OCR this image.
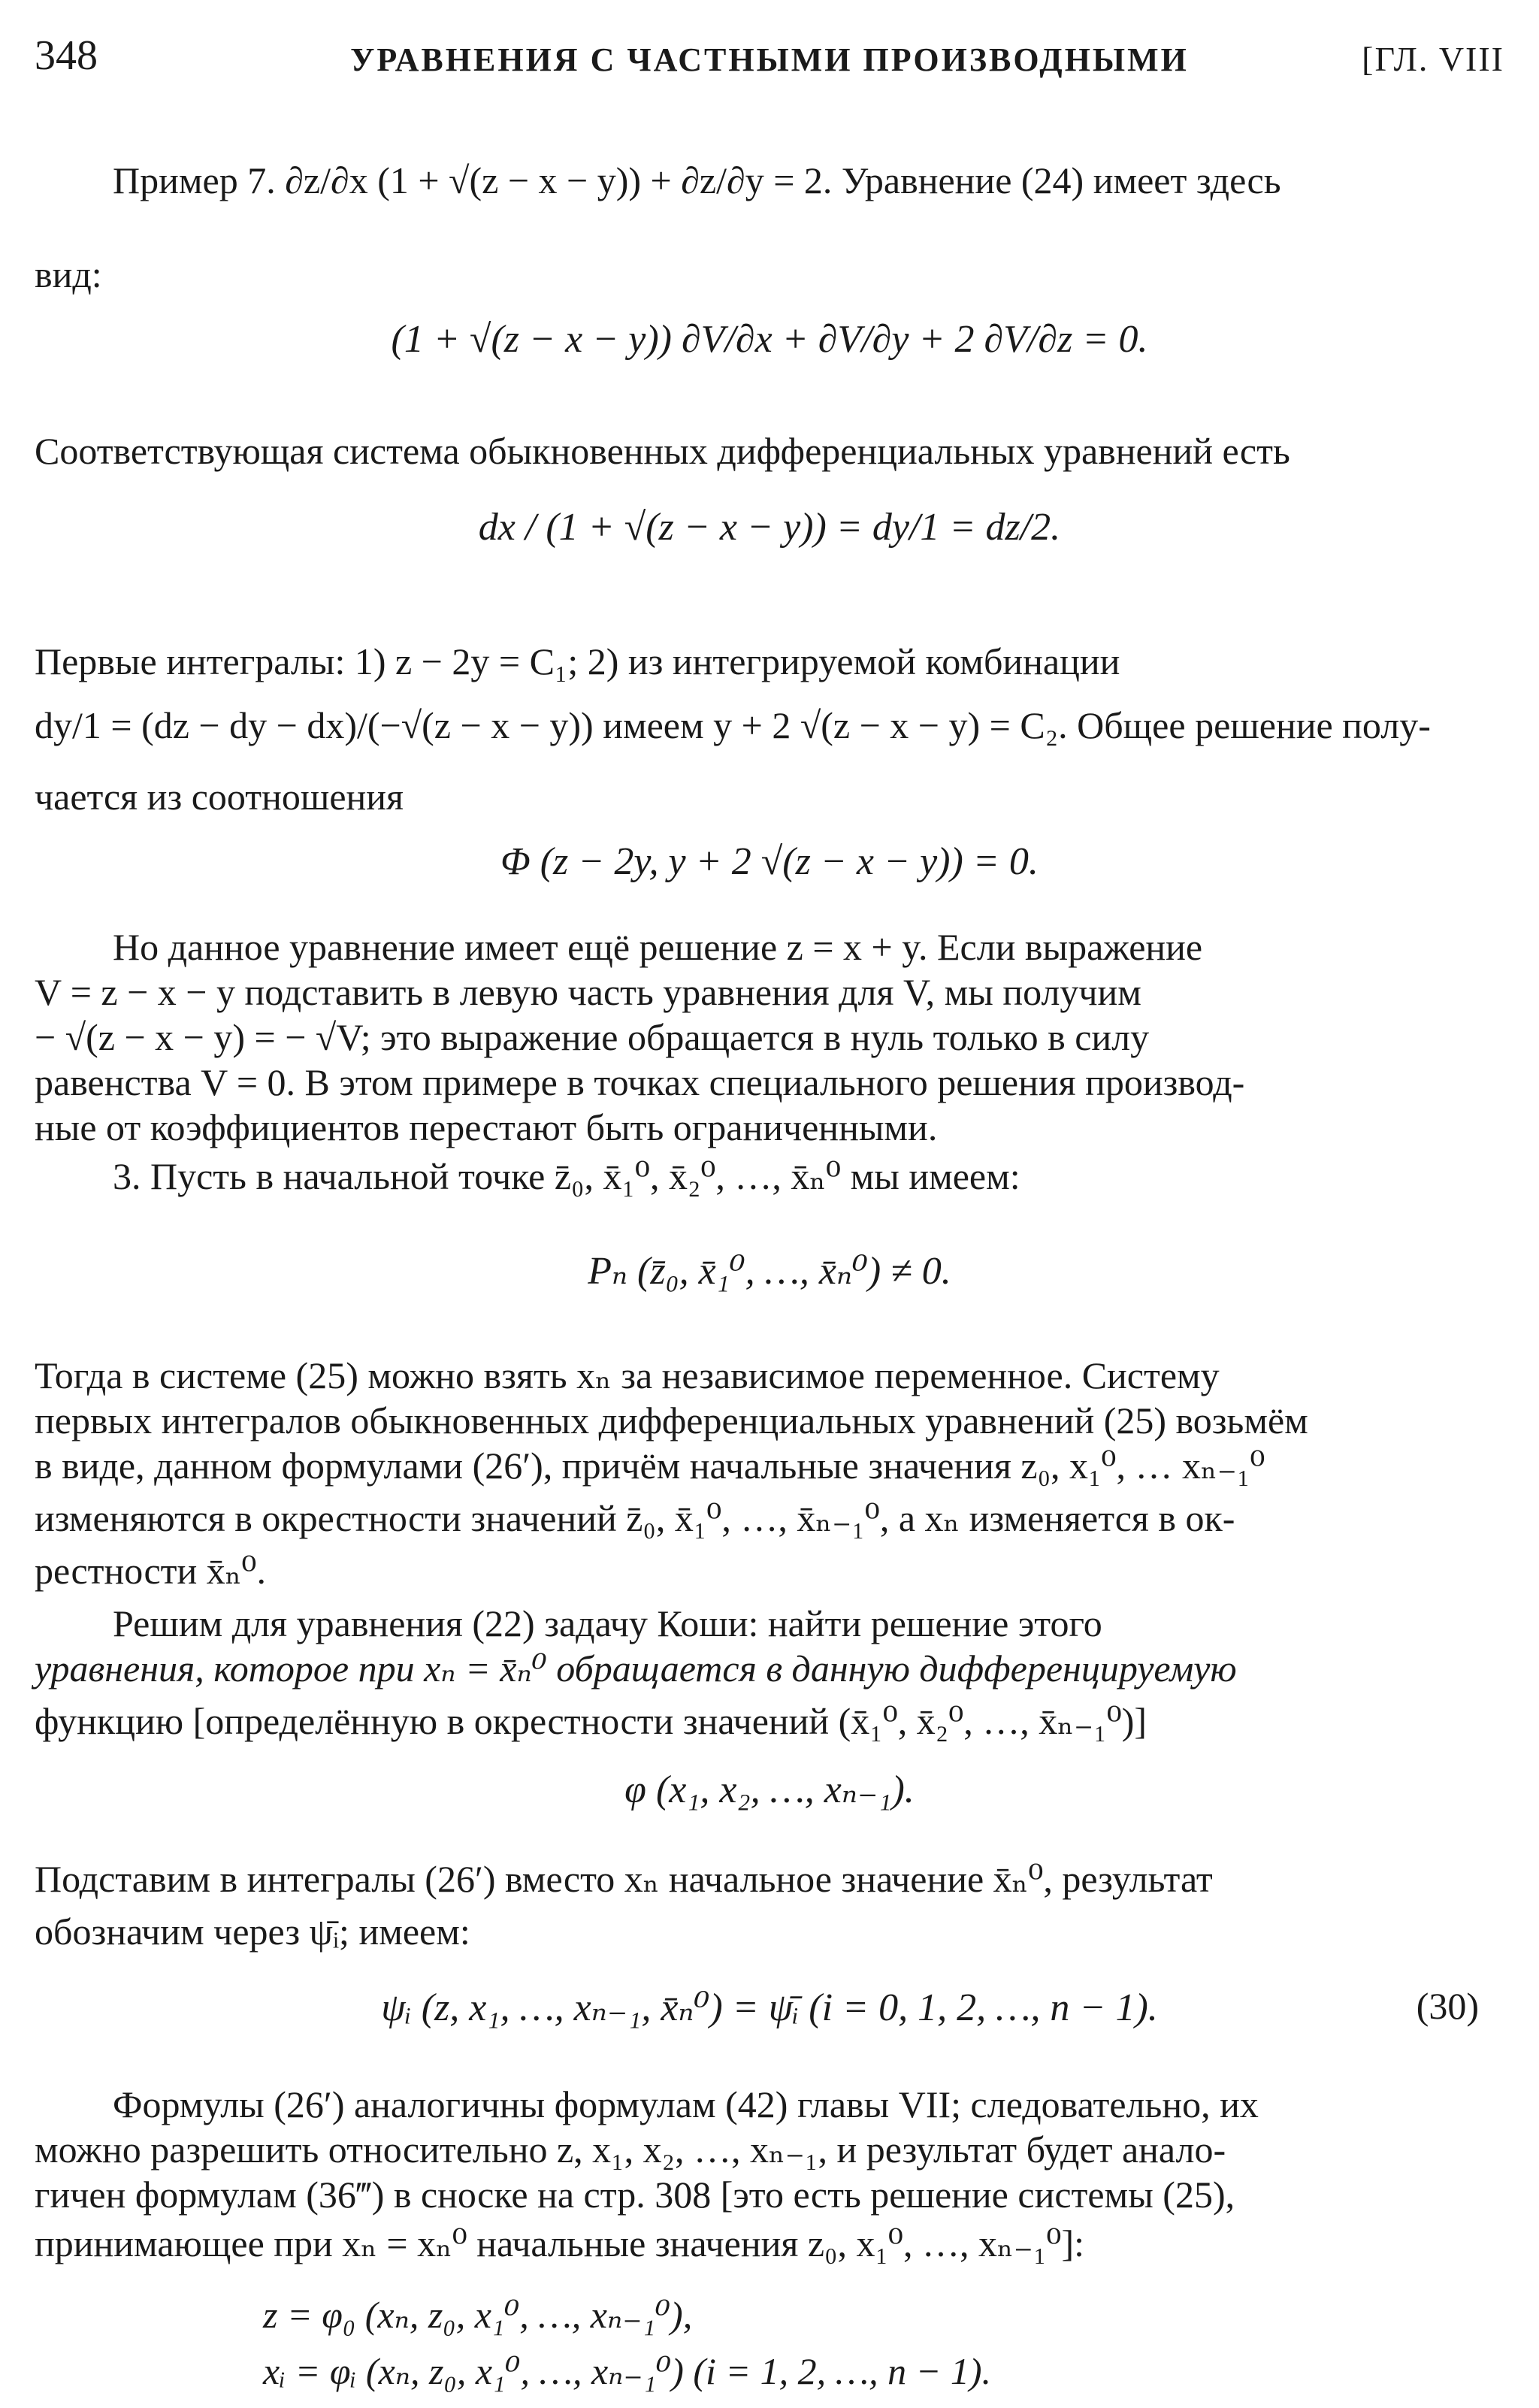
348	УРАВНЕНИЯ С ЧАСТНЫМИ ПРОИЗВОДНЫМИ	[ГЛ. VIII
Пример 7. ∂z/∂x (1 + √(z − x − y)) + ∂z/∂y = 2. Уравнение (24) имеет здесь
вид:
(1 + √(z − x − y)) ∂V/∂x + ∂V/∂y + 2 ∂V/∂z = 0.
Соответствующая система обыкновенных дифференциальных уравнений есть
dx / (1 + √(z − x − y)) = dy/1 = dz/2.
Первые интегралы: 1) z − 2y = C₁; 2) из интегрируемой комбинации
dy/1 = (dz − dy − dx)/(−√(z − x − y)) имеем y + 2 √(z − x − y) = C₂. Общее решение полу-
чается из соотношения
Φ (z − 2y, y + 2 √(z − x − y)) = 0.
Но данное уравнение имеет ещё решение z = x + y. Если выражение
V = z − x − y подставить в левую часть уравнения для V, мы получим
− √(z − x − y) = − √V; это выражение обращается в нуль только в силу
равенства V = 0. В этом примере в точках специального решения производ-
ные от коэффициентов перестают быть ограниченными.
3. Пусть в начальной точке z̄₀, x̄₁⁰, x̄₂⁰, …, x̄ₙ⁰ мы имеем:
Pₙ (z̄₀, x̄₁⁰, …, x̄ₙ⁰) ≠ 0.
Тогда в системе (25) можно взять xₙ за независимое переменное. Систему
первых интегралов обыкновенных дифференциальных уравнений (25) возьмём
в виде, данном формулами (26′), причём начальные значения z₀, x₁⁰, … xₙ₋₁⁰
изменяются в окрестности значений z̄₀, x̄₁⁰, …, x̄ₙ₋₁⁰, а xₙ изменяется в ок-
рестности x̄ₙ⁰.
Решим для уравнения (22) задачу Коши: найти решение этого
уравнения, которое при xₙ = x̄ₙ⁰ обращается в данную дифференцируемую
функцию [определённую в окрестности значений (x̄₁⁰, x̄₂⁰, …, x̄ₙ₋₁⁰)]
φ (x₁, x₂, …, xₙ₋₁).
Подставим в интегралы (26′) вместо xₙ начальное значение x̄ₙ⁰, результат
обозначим через ψ̄ᵢ; имеем:
ψᵢ (z, x₁, …, xₙ₋₁, x̄ₙ⁰) = ψ̄ᵢ (i = 0, 1, 2, …, n − 1).	(30)
Формулы (26′) аналогичны формулам (42) главы VII; следовательно, их
можно разрешить относительно z, x₁, x₂, …, xₙ₋₁, и результат будет анало-
гичен формулам (36‴) в сноске на стр. 308 [это есть решение системы (25),
принимающее при xₙ = xₙ⁰ начальные значения z₀, x₁⁰, …, xₙ₋₁⁰]:
z = φ₀ (xₙ, z₀, x₁⁰, …, xₙ₋₁⁰),
xᵢ = φᵢ (xₙ, z₀, x₁⁰, …, xₙ₋₁⁰) (i = 1, 2, …, n − 1).
